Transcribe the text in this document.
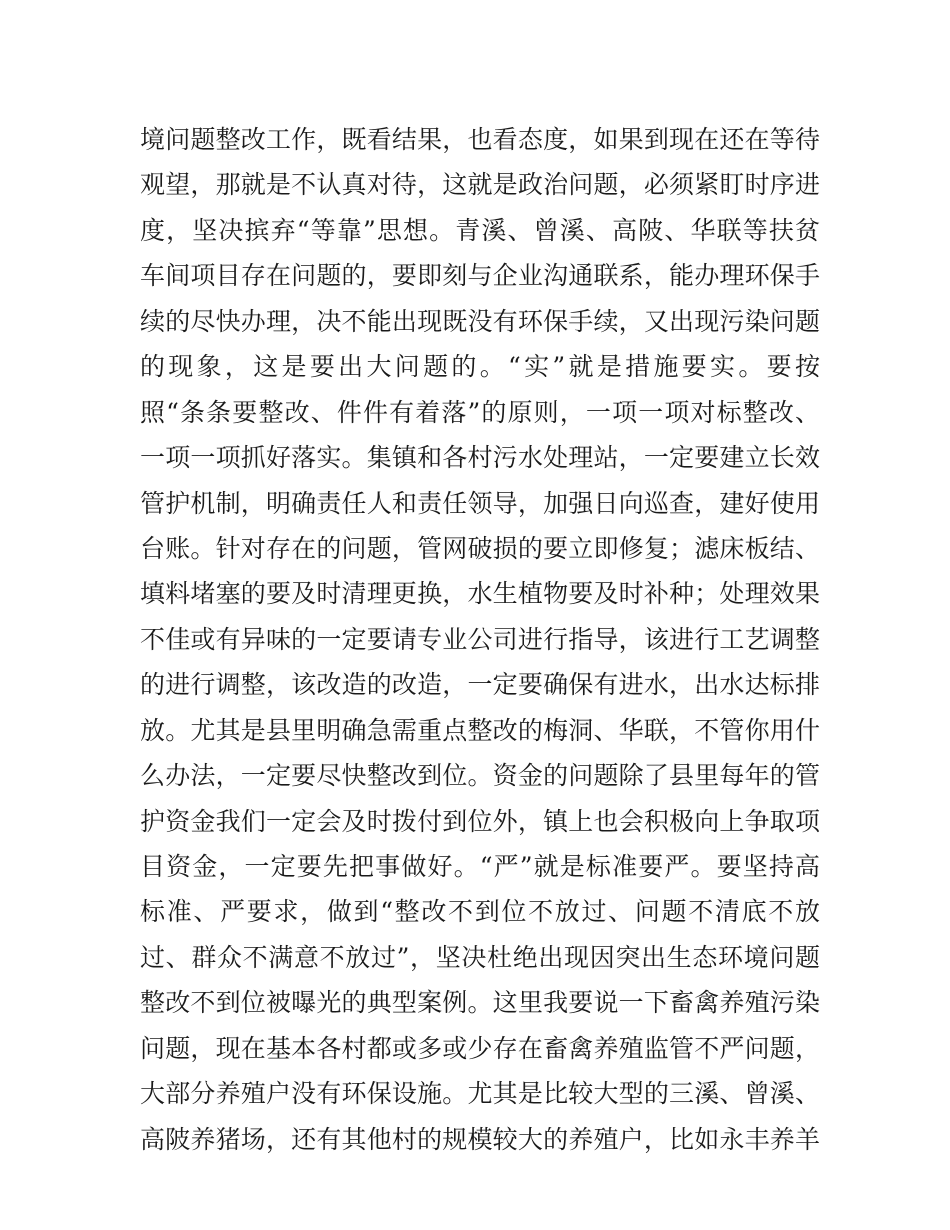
境问题整改工作，既看结果，也看态度，如果到现在还在等待
观望，那就是不认真对待，这就是政治问题，必须紧盯时序进
度，坚决摈弃“等靠”思想。青溪、曾溪、高陂、华联等扶贫
车间项目存在问题的，要即刻与企业沟通联系，能办理环保手
续的尽快办理，决不能出现既没有环保手续，又出现污染问题
的现象，这是要出大问题的。“实”就是措施要实。要按
照“条条要整改、件件有着落”的原则，一项一项对标整改、
一项一项抓好落实。集镇和各村污水处理站，一定要建立长效
管护机制，明确责任人和责任领导，加强日向巡查，建好使用
台账。针对存在的问题，管网破损的要立即修复；滤床板结、
填料堵塞的要及时清理更换，水生植物要及时补种；处理效果
不佳或有异味的一定要请专业公司进行指导，该进行工艺调整
的进行调整，该改造的改造，一定要确保有进水，出水达标排
放。尤其是县里明确急需重点整改的梅洞、华联，不管你用什
么办法，一定要尽快整改到位。资金的问题除了县里每年的管
护资金我们一定会及时拨付到位外，镇上也会积极向上争取项
目资金，一定要先把事做好。“严”就是标准要严。要坚持高
标准、严要求，做到“整改不到位不放过、问题不清底不放
过、群众不满意不放过”，坚决杜绝出现因突出生态环境问题
整改不到位被曝光的典型案例。这里我要说一下畜禽养殖污染
问题，现在基本各村都或多或少存在畜禽养殖监管不严问题，
大部分养殖户没有环保设施。尤其是比较大型的三溪、曾溪、
高陂养猪场，还有其他村的规模较大的养殖户，比如永丰养羊
